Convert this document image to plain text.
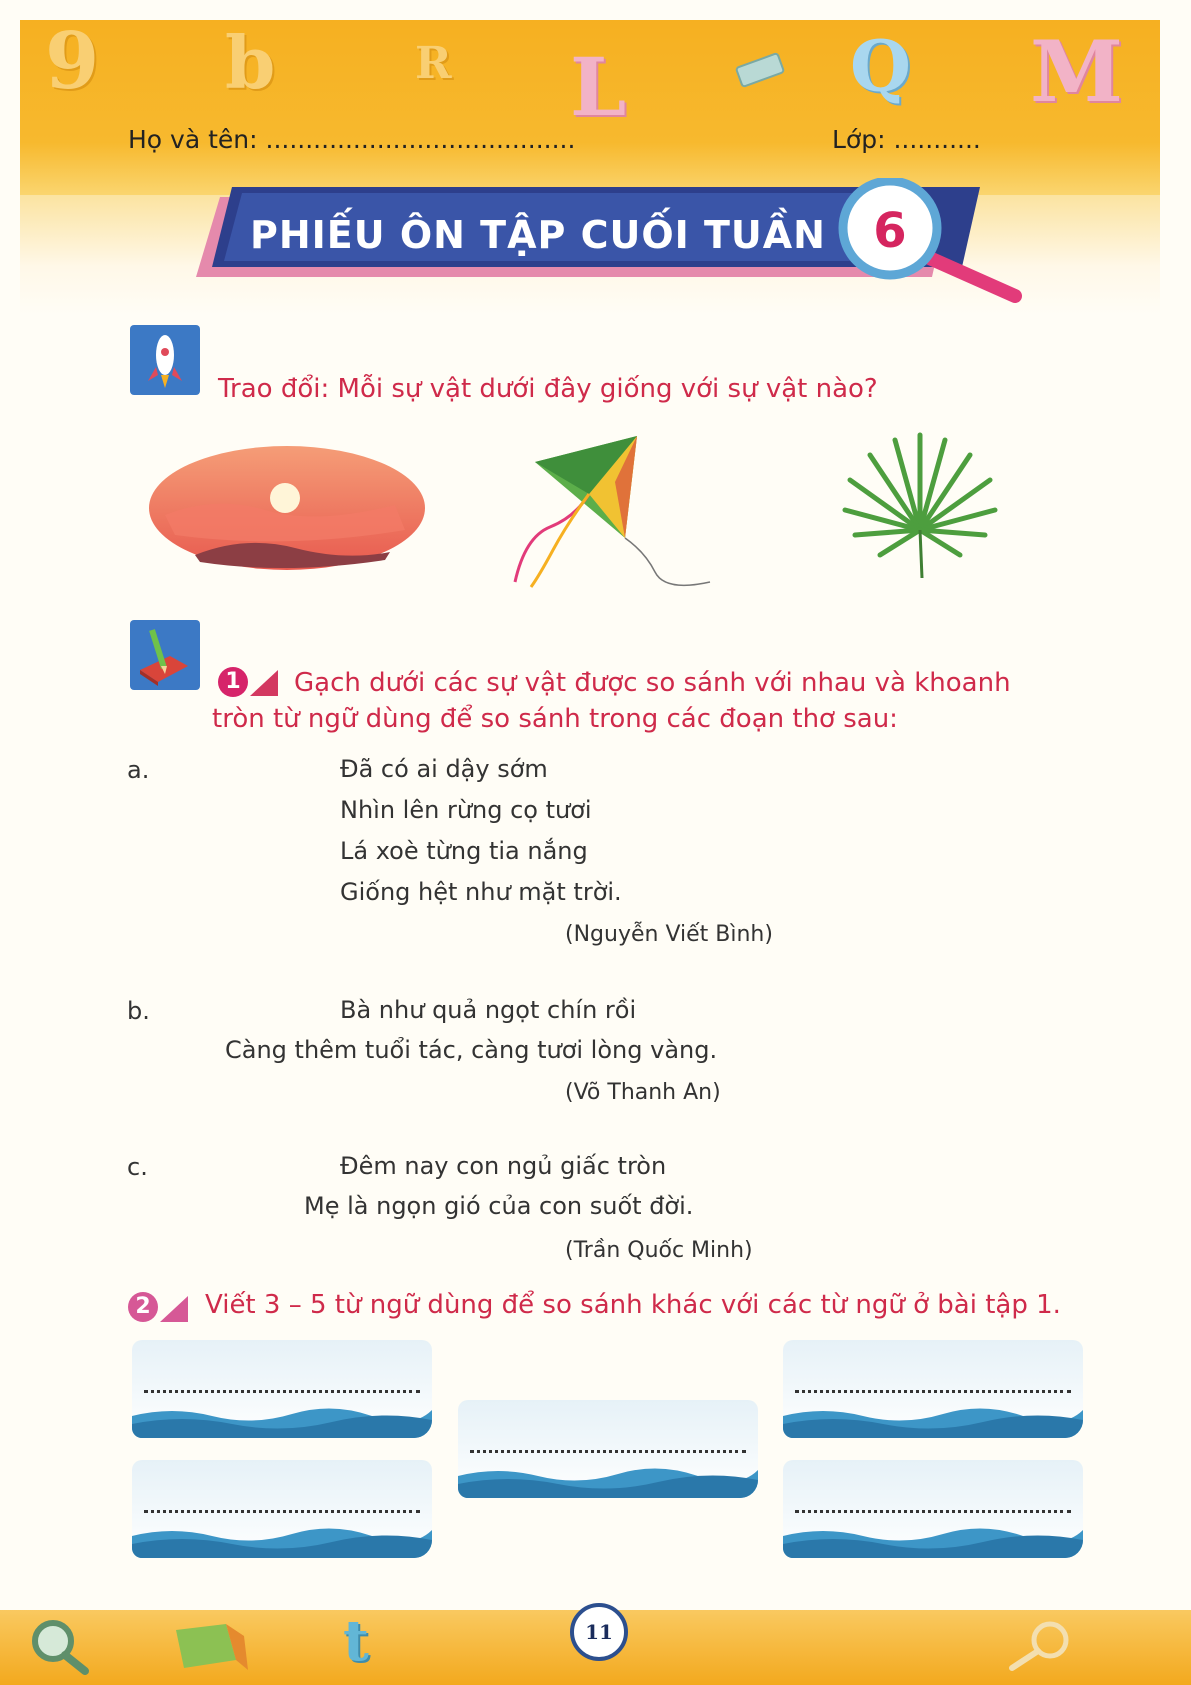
9 b	R L	Q M
Họ và tên: .......................................	Lớp: ...........
PHIẾU ÔN TẬP CUỐI TUẦN 6
Trao đổi: Mỗi sự vật dưới đây giống với sự vật nào?
1 Gạch dưới các sự vật được so sánh với nhau và khoanh
tròn từ ngữ dùng để so sánh trong các đoạn thơ sau:
a.	Đã có ai dậy sớm
Nhìn lên rừng cọ tươi
Lá xoè từng tia nắng
Giống hệt như mặt trời.
(Nguyễn Viết Bình)
b.	Bà như quả ngọt chín rồi
Càng thêm tuổi tác, càng tươi lòng vàng.
(Võ Thanh An)
c.	Đêm nay con ngủ giấc tròn
Mẹ là ngọn gió của con suốt đời.
(Trần Quốc Minh)
2 Viết 3 – 5 từ ngữ dùng để so sánh khác với các từ ngữ ở bài tập 1.
t	11
